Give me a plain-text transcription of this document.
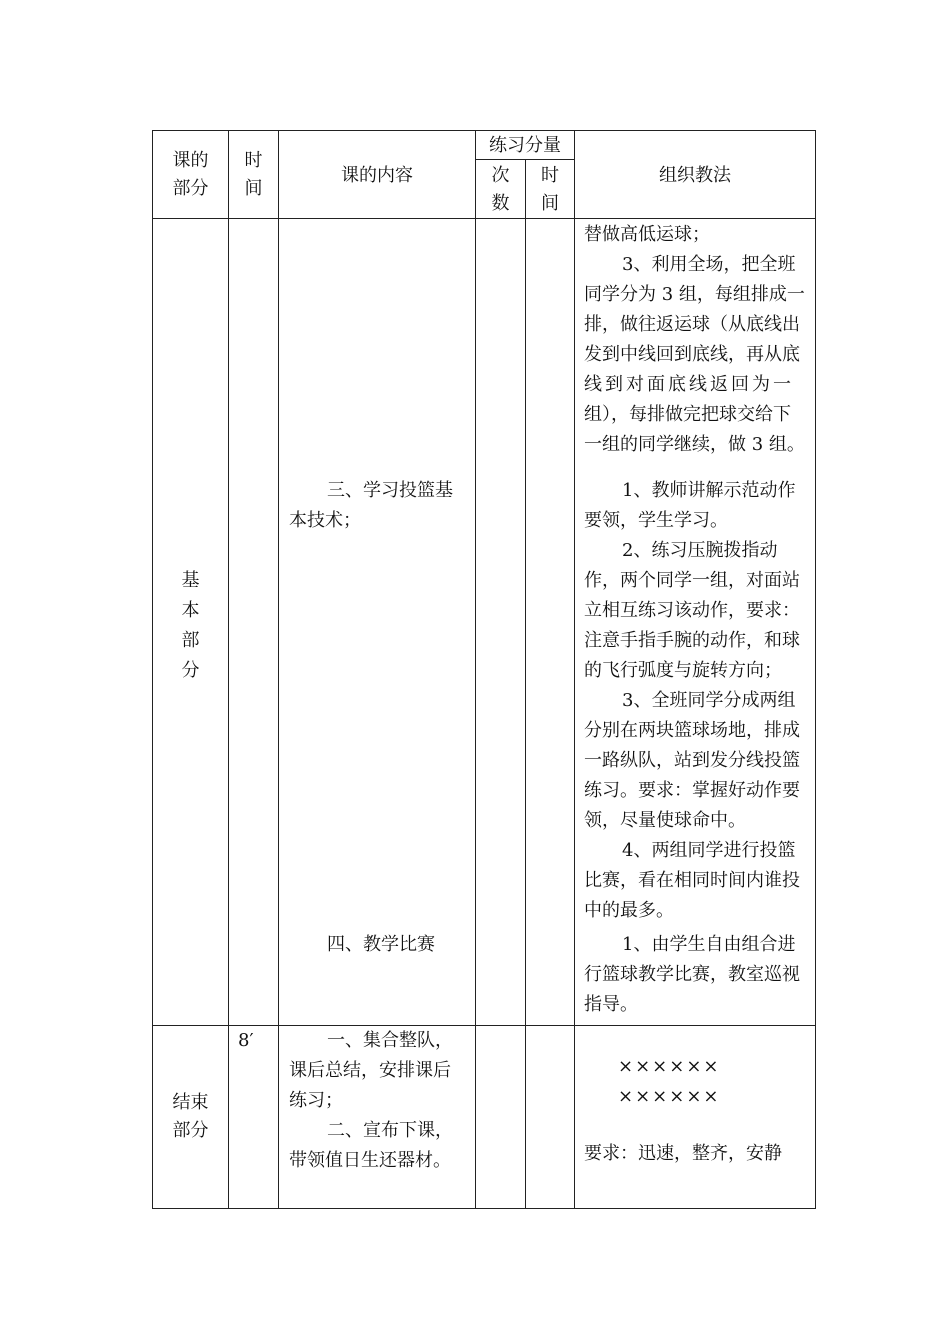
课的
部分
时
间
课的内容
练习分量
次
数
时
间
组织教法
基
本
部
分
三、学习投篮基
本技术；
四、教学比赛
替做高低运球；
3、利用全场，把全班
同学分为 3 组，每组排成一
排，做往返运球（从底线出
发到中线回到底线，再从底
线到对面底线返回为一
组），每排做完把球交给下
一组的同学继续，做 3 组。
1、教师讲解示范动作
要领，学生学习。
2、练习压腕拨指动
作，两个同学一组，对面站
立相互练习该动作，要求：
注意手指手腕的动作，和球
的飞行弧度与旋转方向；
3、全班同学分成两组
分别在两块篮球场地，排成
一路纵队，站到发分线投篮
练习。要求：掌握好动作要
领，尽量使球命中。
4、两组同学进行投篮
比赛，看在相同时间内谁投
中的最多。
1、由学生自由组合进
行篮球教学比赛，教室巡视
指导。
结束
部分
8′	一、集合整队，
课后总结，安排课后
练习；
二、宣布下课，
带领值日生还器材。
××××××
××××××
要求：迅速，整齐，安静
